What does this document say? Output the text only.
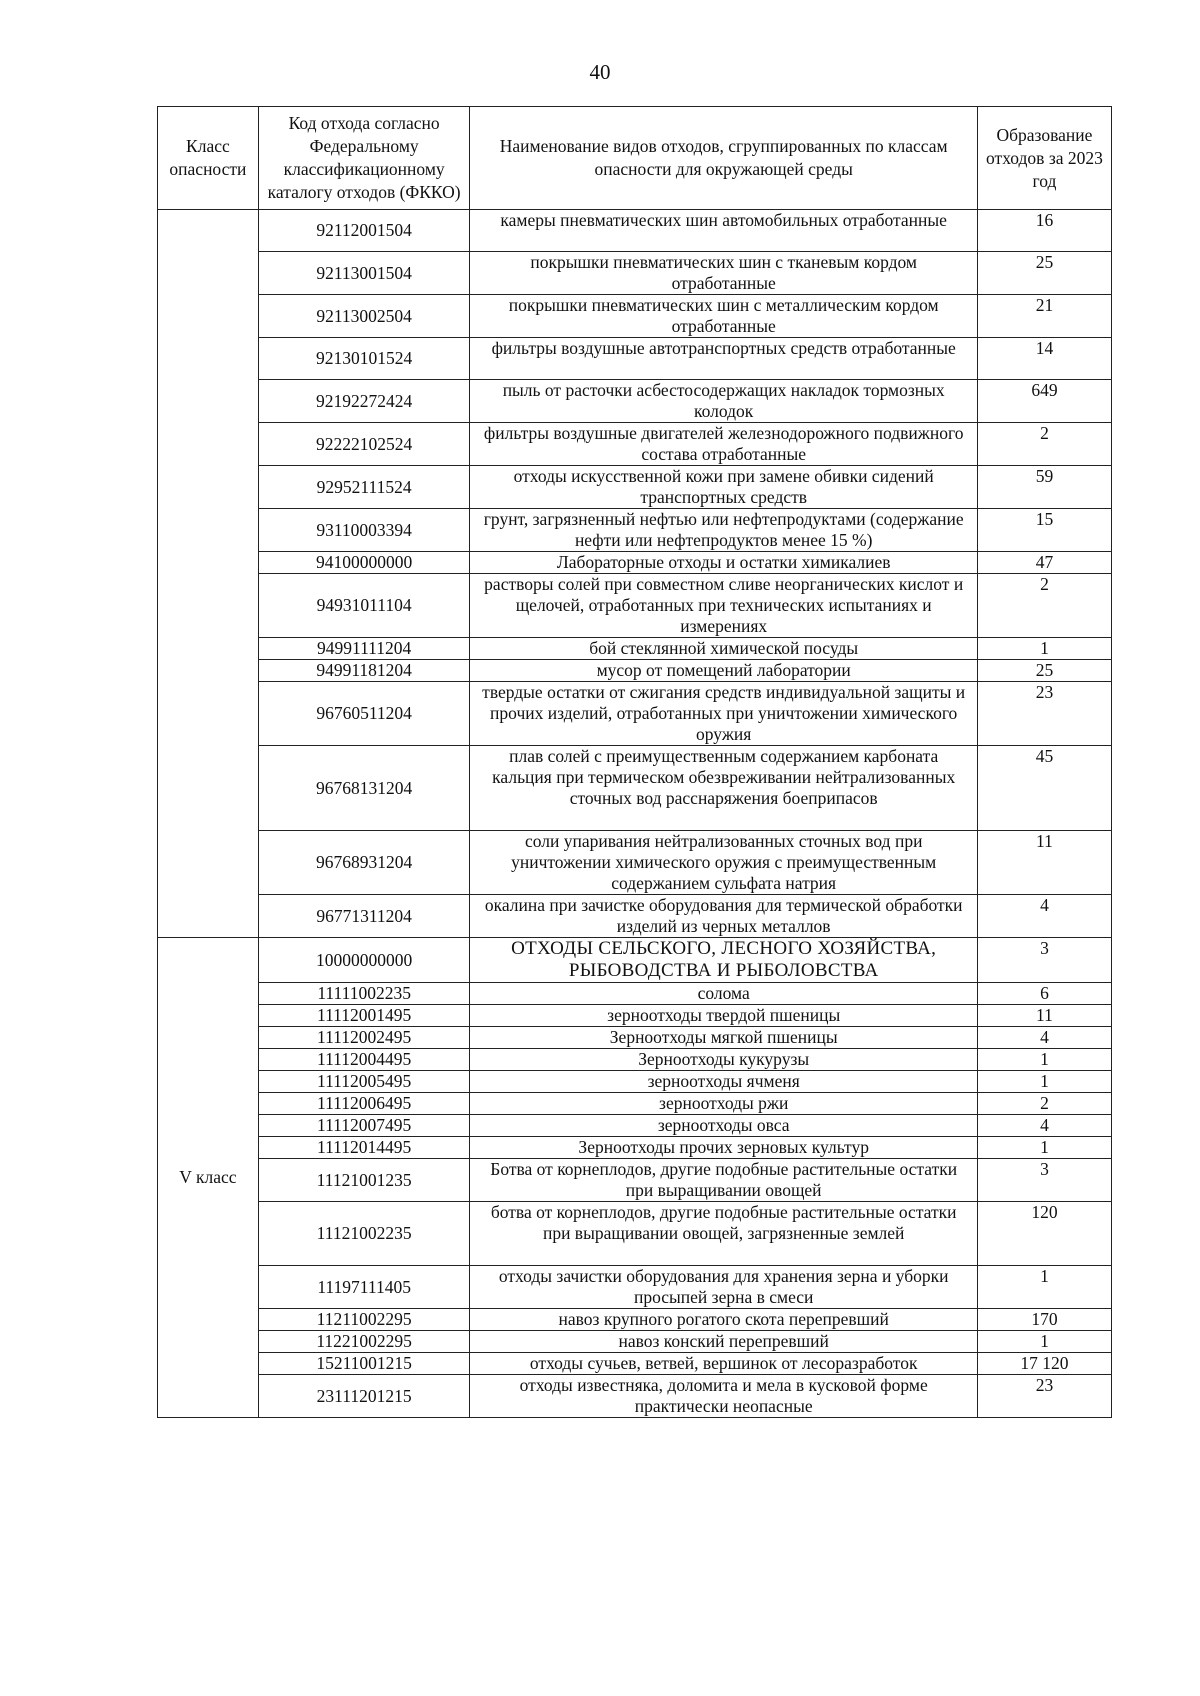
40
Класс опасности	Код отхода согласно Федеральному классификационному каталогу отходов (ФККО)	Наименование видов отходов, сгруппированных по классам опасности для окружающей среды	Образование отходов за 2023 год
	92112001504	камеры пневматических шин автомобильных отработанные	16
	92113001504	покрышки пневматических шин с тканевым кордом отработанные	25
	92113002504	покрышки пневматических шин с металлическим кордом отработанные	21
	92130101524	фильтры воздушные автотранспортных средств отработанные	14
	92192272424	пыль от расточки асбестосодержащих накладок тормозных колодок	649
	92222102524	фильтры воздушные двигателей железнодорожного подвижного состава отработанные	2
	92952111524	отходы искусственной кожи при замене обивки сидений транспортных средств	59
	93110003394	грунт, загрязненный нефтью или нефтепродуктами (содержание нефти или нефтепродуктов менее 15 %)	15
	94100000000	Лабораторные отходы и остатки химикалиев	47
	94931011104	растворы солей при совместном сливе неорганических кислот и щелочей, отработанных при технических испытаниях и измерениях	2
	94991111204	бой стеклянной химической посуды	1
	94991181204	мусор от помещений лаборатории	25
	96760511204	твердые остатки от сжигания средств индивидуальной защиты и прочих изделий, отработанных при уничтожении химического оружия	23
	96768131204	плав солей с преимущественным содержанием карбоната кальция при термическом обезвреживании нейтрализованных сточных вод расснаряжения боеприпасов	45
	96768931204	соли упаривания нейтрализованных сточных вод при уничтожении химического оружия с преимущественным содержанием сульфата натрия	11
	96771311204	окалина при зачистке оборудования для термической обработки изделий из черных металлов	4
V класс	10000000000	ОТХОДЫ СЕЛЬСКОГО, ЛЕСНОГО ХОЗЯЙСТВА, РЫБОВОДСТВА И РЫБОЛОВСТВА	3
	11111002235	солома	6
	11112001495	зерноотходы твердой пшеницы	11
	11112002495	Зерноотходы мягкой пшеницы	4
	11112004495	Зерноотходы кукурузы	1
	11112005495	зерноотходы ячменя	1
	11112006495	зерноотходы ржи	2
	11112007495	зерноотходы овса	4
	11112014495	Зерноотходы прочих зерновых культур	1
	11121001235	Ботва от корнеплодов, другие подобные растительные остатки при выращивании овощей	3
	11121002235	ботва от корнеплодов, другие подобные растительные остатки при выращивании овощей, загрязненные землей	120
	11197111405	отходы зачистки оборудования для хранения зерна и уборки просыпей зерна в смеси	1
	11211002295	навоз крупного рогатого скота перепревший	170
	11221002295	навоз конский перепревший	1
	15211001215	отходы сучьев, ветвей, вершинок от лесоразработок	17 120
	23111201215	отходы известняка, доломита и мела в кусковой форме практически неопасные	23
